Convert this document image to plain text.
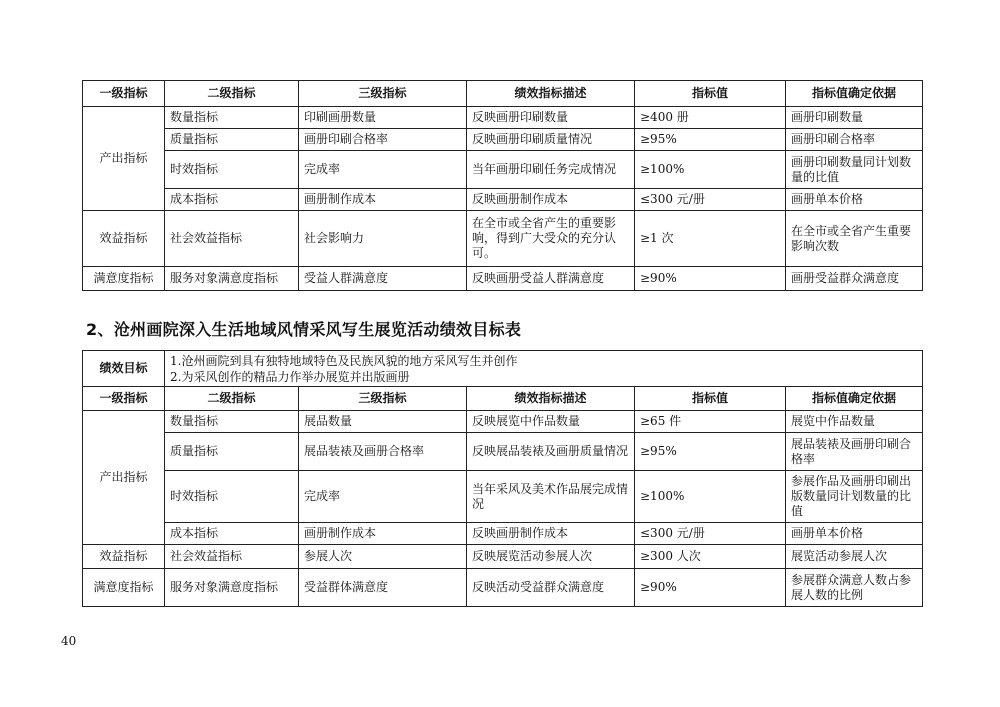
一级指标	二级指标	三级指标	绩效指标描述	指标值	指标值确定依据
产出指标	数量指标	印刷画册数量	反映画册印刷数量	≥400 册	画册印刷数量
	质量指标	画册印刷合格率	反映画册印刷质量情况	≥95%	画册印刷合格率
	时效指标	完成率	当年画册印刷任务完成情况	≥100%	画册印刷数量同计划数量的比值
	成本指标	画册制作成本	反映画册制作成本	≤300 元/册	画册单本价格
效益指标	社会效益指标	社会影响力	在全市或全省产生的重要影响，得到广大受众的充分认可。	≥1 次	在全市或全省产生重要影响次数
满意度指标	服务对象满意度指标	受益人群满意度	反映画册受益人群满意度	≥90%	画册受益群众满意度
2、沧州画院深入生活地域风情采风写生展览活动绩效目标表
绩效目标	1.沧州画院到具有独特地域特色及民族风貌的地方采风写生并创作
2.为采风创作的精品力作举办展览并出版画册				

一级指标	二级指标	三级指标	绩效指标描述	指标值	指标值确定依据
产出指标	数量指标	展品数量	反映展览中作品数量	≥65 件	展览中作品数量
	质量指标	展品装裱及画册合格率	反映展品装裱及画册质量情况	≥95%	展品装裱及画册印刷合格率
	时效指标	完成率	当年采风及美术作品展完成情况	≥100%	参展作品及画册印刷出版数量同计划数量的比值
	成本指标	画册制作成本	反映画册制作成本	≤300 元/册	画册单本价格
效益指标	社会效益指标	参展人次	反映展览活动参展人次	≥300 人次	展览活动参展人次
满意度指标	服务对象满意度指标	受益群体满意度	反映活动受益群众满意度	≥90%	参展群众满意人数占参展人数的比例
40
